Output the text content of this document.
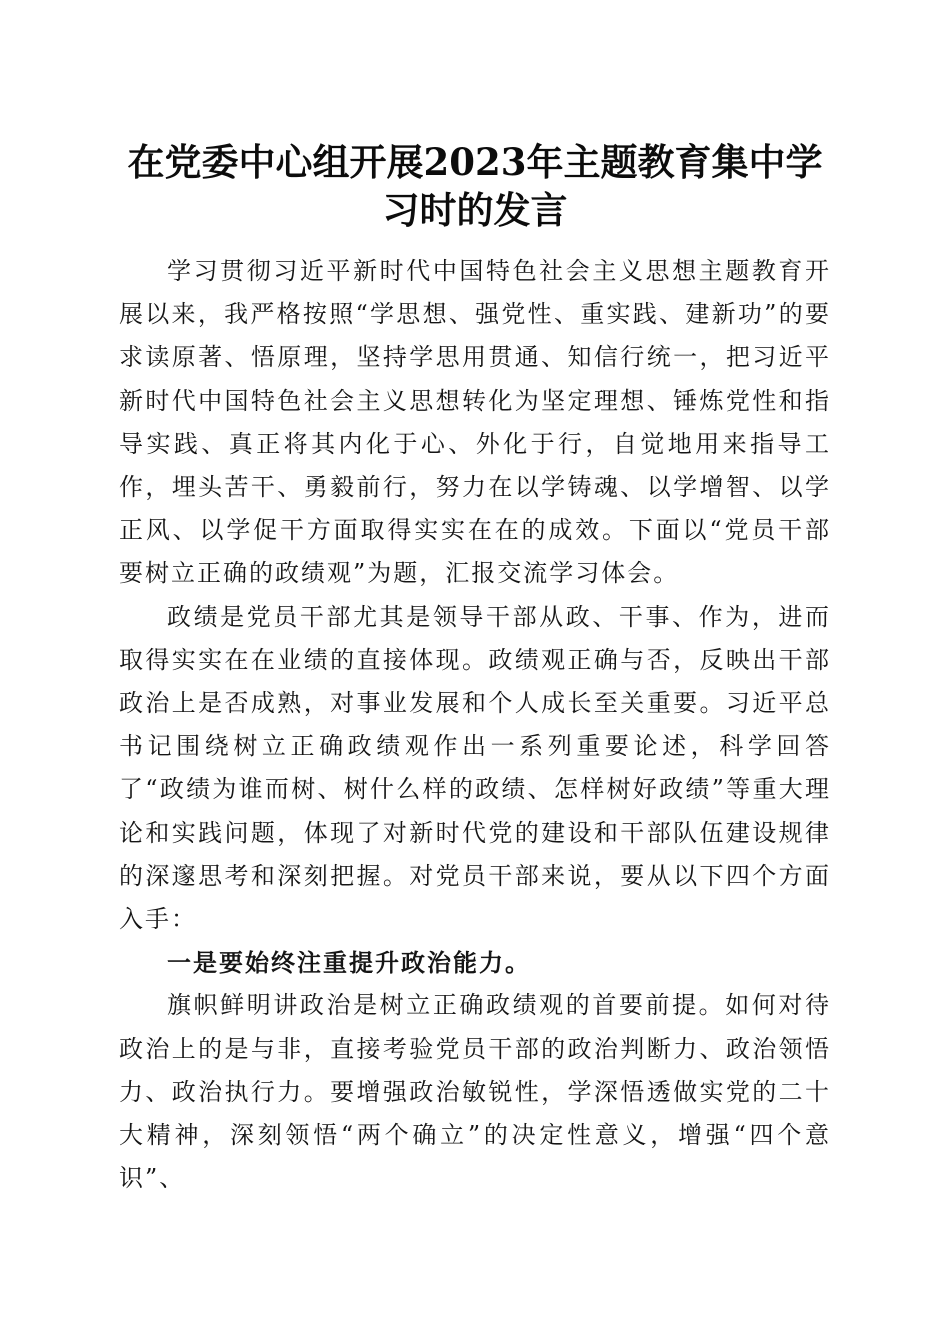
在党委中心组开展2023年主题教育集中学习时的发言

学习贯彻习近平新时代中国特色社会主义思想主题教育开展以来，我严格按照“学思想、强党性、重实践、建新功”的要求读原著、悟原理，坚持学思用贯通、知信行统一，把习近平新时代中国特色社会主义思想转化为坚定理想、锤炼党性和指导实践、真正将其内化于心、外化于行，自觉地用来指导工作，埋头苦干、勇毅前行，努力在以学铸魂、以学增智、以学正风、以学促干方面取得实实在在的成效。下面以“党员干部要树立正确的政绩观”为题，汇报交流学习体会。

政绩是党员干部尤其是领导干部从政、干事、作为，进而取得实实在在业绩的直接体现。政绩观正确与否，反映出干部政治上是否成熟，对事业发展和个人成长至关重要。习近平总书记围绕树立正确政绩观作出一系列重要论述，科学回答了“政绩为谁而树、树什么样的政绩、怎样树好政绩”等重大理论和实践问题，体现了对新时代党的建设和干部队伍建设规律的深邃思考和深刻把握。对党员干部来说，要从以下四个方面入手：

一是要始终注重提升政治能力。

旗帜鲜明讲政治是树立正确政绩观的首要前提。如何对待政治上的是与非，直接考验党员干部的政治判断力、政治领悟力、政治执行力。要增强政治敏锐性，学深悟透做实党的二十大精神，深刻领悟“两个确立”的决定性意义，增强“四个意识”、
